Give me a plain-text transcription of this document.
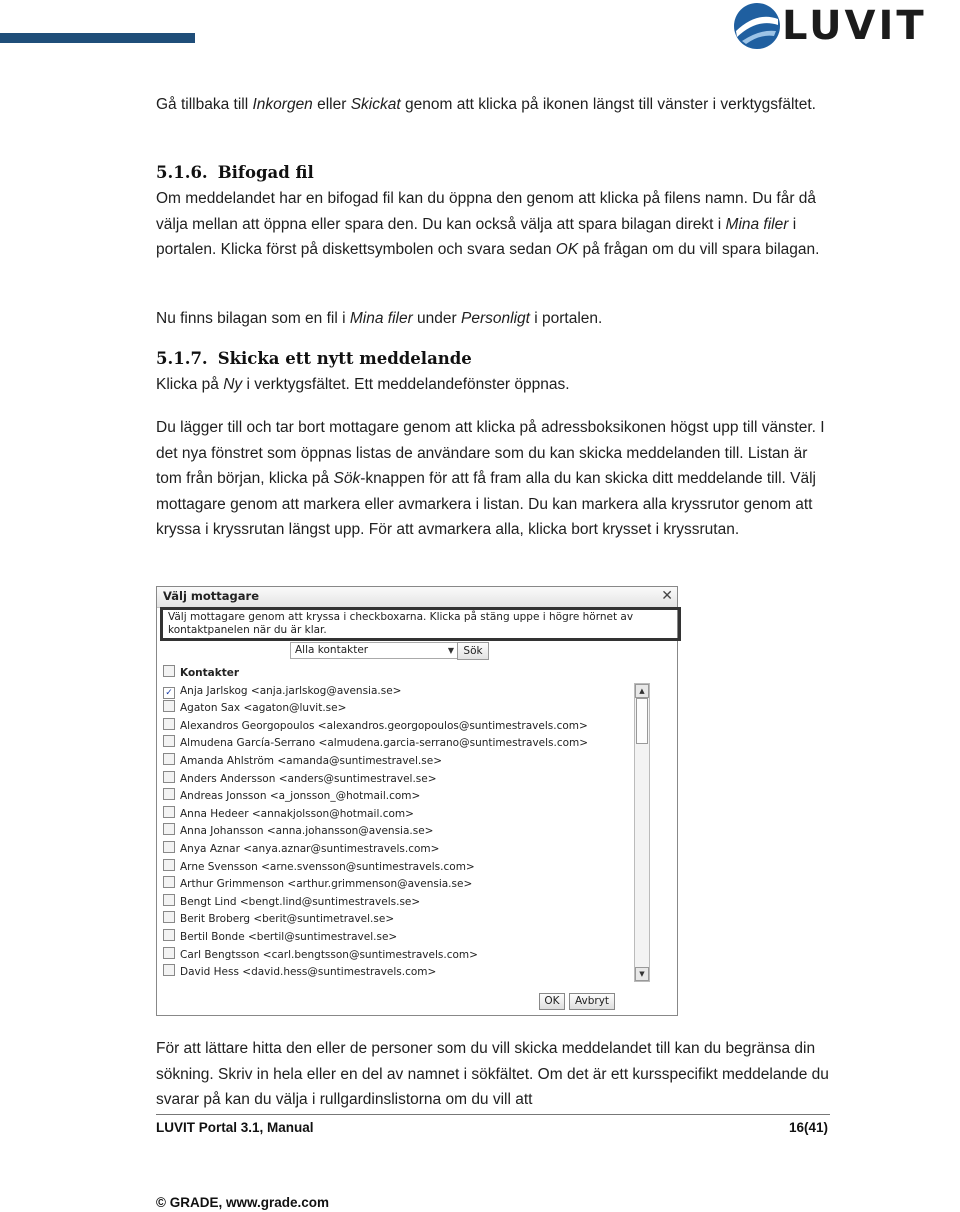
LUVIT
Gå tillbaka till Inkorgen eller Skickat genom att klicka på ikonen längst till vänster i verktygsfältet.
5.1.6. Bifogad fil
Om meddelandet har en bifogad fil kan du öppna den genom att klicka på filens namn. Du får då välja mellan att öppna eller spara den. Du kan också välja att spara bilagan direkt i Mina filer i portalen. Klicka först på diskettsymbolen och svara sedan OK på frågan om du vill spara bilagan.
Nu finns bilagan som en fil i Mina filer under Personligt i portalen.
5.1.7. Skicka ett nytt meddelande
Klicka på Ny i verktygsfältet. Ett meddelandefönster öppnas.
Du lägger till och tar bort mottagare genom att klicka på adressboksikonen högst upp till vänster. I det nya fönstret som öppnas listas de användare som du kan skicka meddelanden till. Listan är tom från början, klicka på Sök-knappen för att få fram alla du kan skicka ditt meddelande till. Välj mottagare genom att markera eller avmarkera i listan. Du kan markera alla kryssrutor genom att kryssa i kryssrutan längst upp. För att avmarkera alla, klicka bort krysset i kryssrutan.
Välj mottagare	✕
Välj mottagare genom att kryssa i checkboxarna. Klicka på stäng uppe i högre hörnet av kontaktpanelen när du är klar.
Alla kontakter	▼ Sök
Kontakter
✓ Anja Jarlskog <anja.jarlskog@avensia.se>
Agaton Sax <agaton@luvit.se>
Alexandros Georgopoulos <alexandros.georgopoulos@suntimestravels.com>
Almudena García-Serrano <almudena.garcia-serrano@suntimestravels.com>
Amanda Ahlström <amanda@suntimestravel.se>
Anders Andersson <anders@suntimestravel.se>
Andreas Jonsson <a_jonsson_@hotmail.com>
Anna Hedeer <annakjolsson@hotmail.com>
Anna Johansson <anna.johansson@avensia.se>
Anya Aznar <anya.aznar@suntimestravels.com>
Arne Svensson <arne.svensson@suntimestravels.com>
Arthur Grimmenson <arthur.grimmenson@avensia.se>
Bengt Lind <bengt.lind@suntimestravels.se>
Berit Broberg <berit@suntimetravel.se>
Bertil Bonde <bertil@suntimestravel.se>
Carl Bengtsson <carl.bengtsson@suntimestravels.com>
David Hess <david.hess@suntimestravels.com>
▲
▼
OK	Avbryt
För att lättare hitta den eller de personer som du vill skicka meddelandet till kan du begränsa din sökning. Skriv in hela eller en del av namnet i sökfältet. Om det är ett kursspecifikt meddelande du svarar på kan du välja i rullgardinslistorna om du vill att
LUVIT Portal 3.1, Manual	16(41)
© GRADE, www.grade.com
